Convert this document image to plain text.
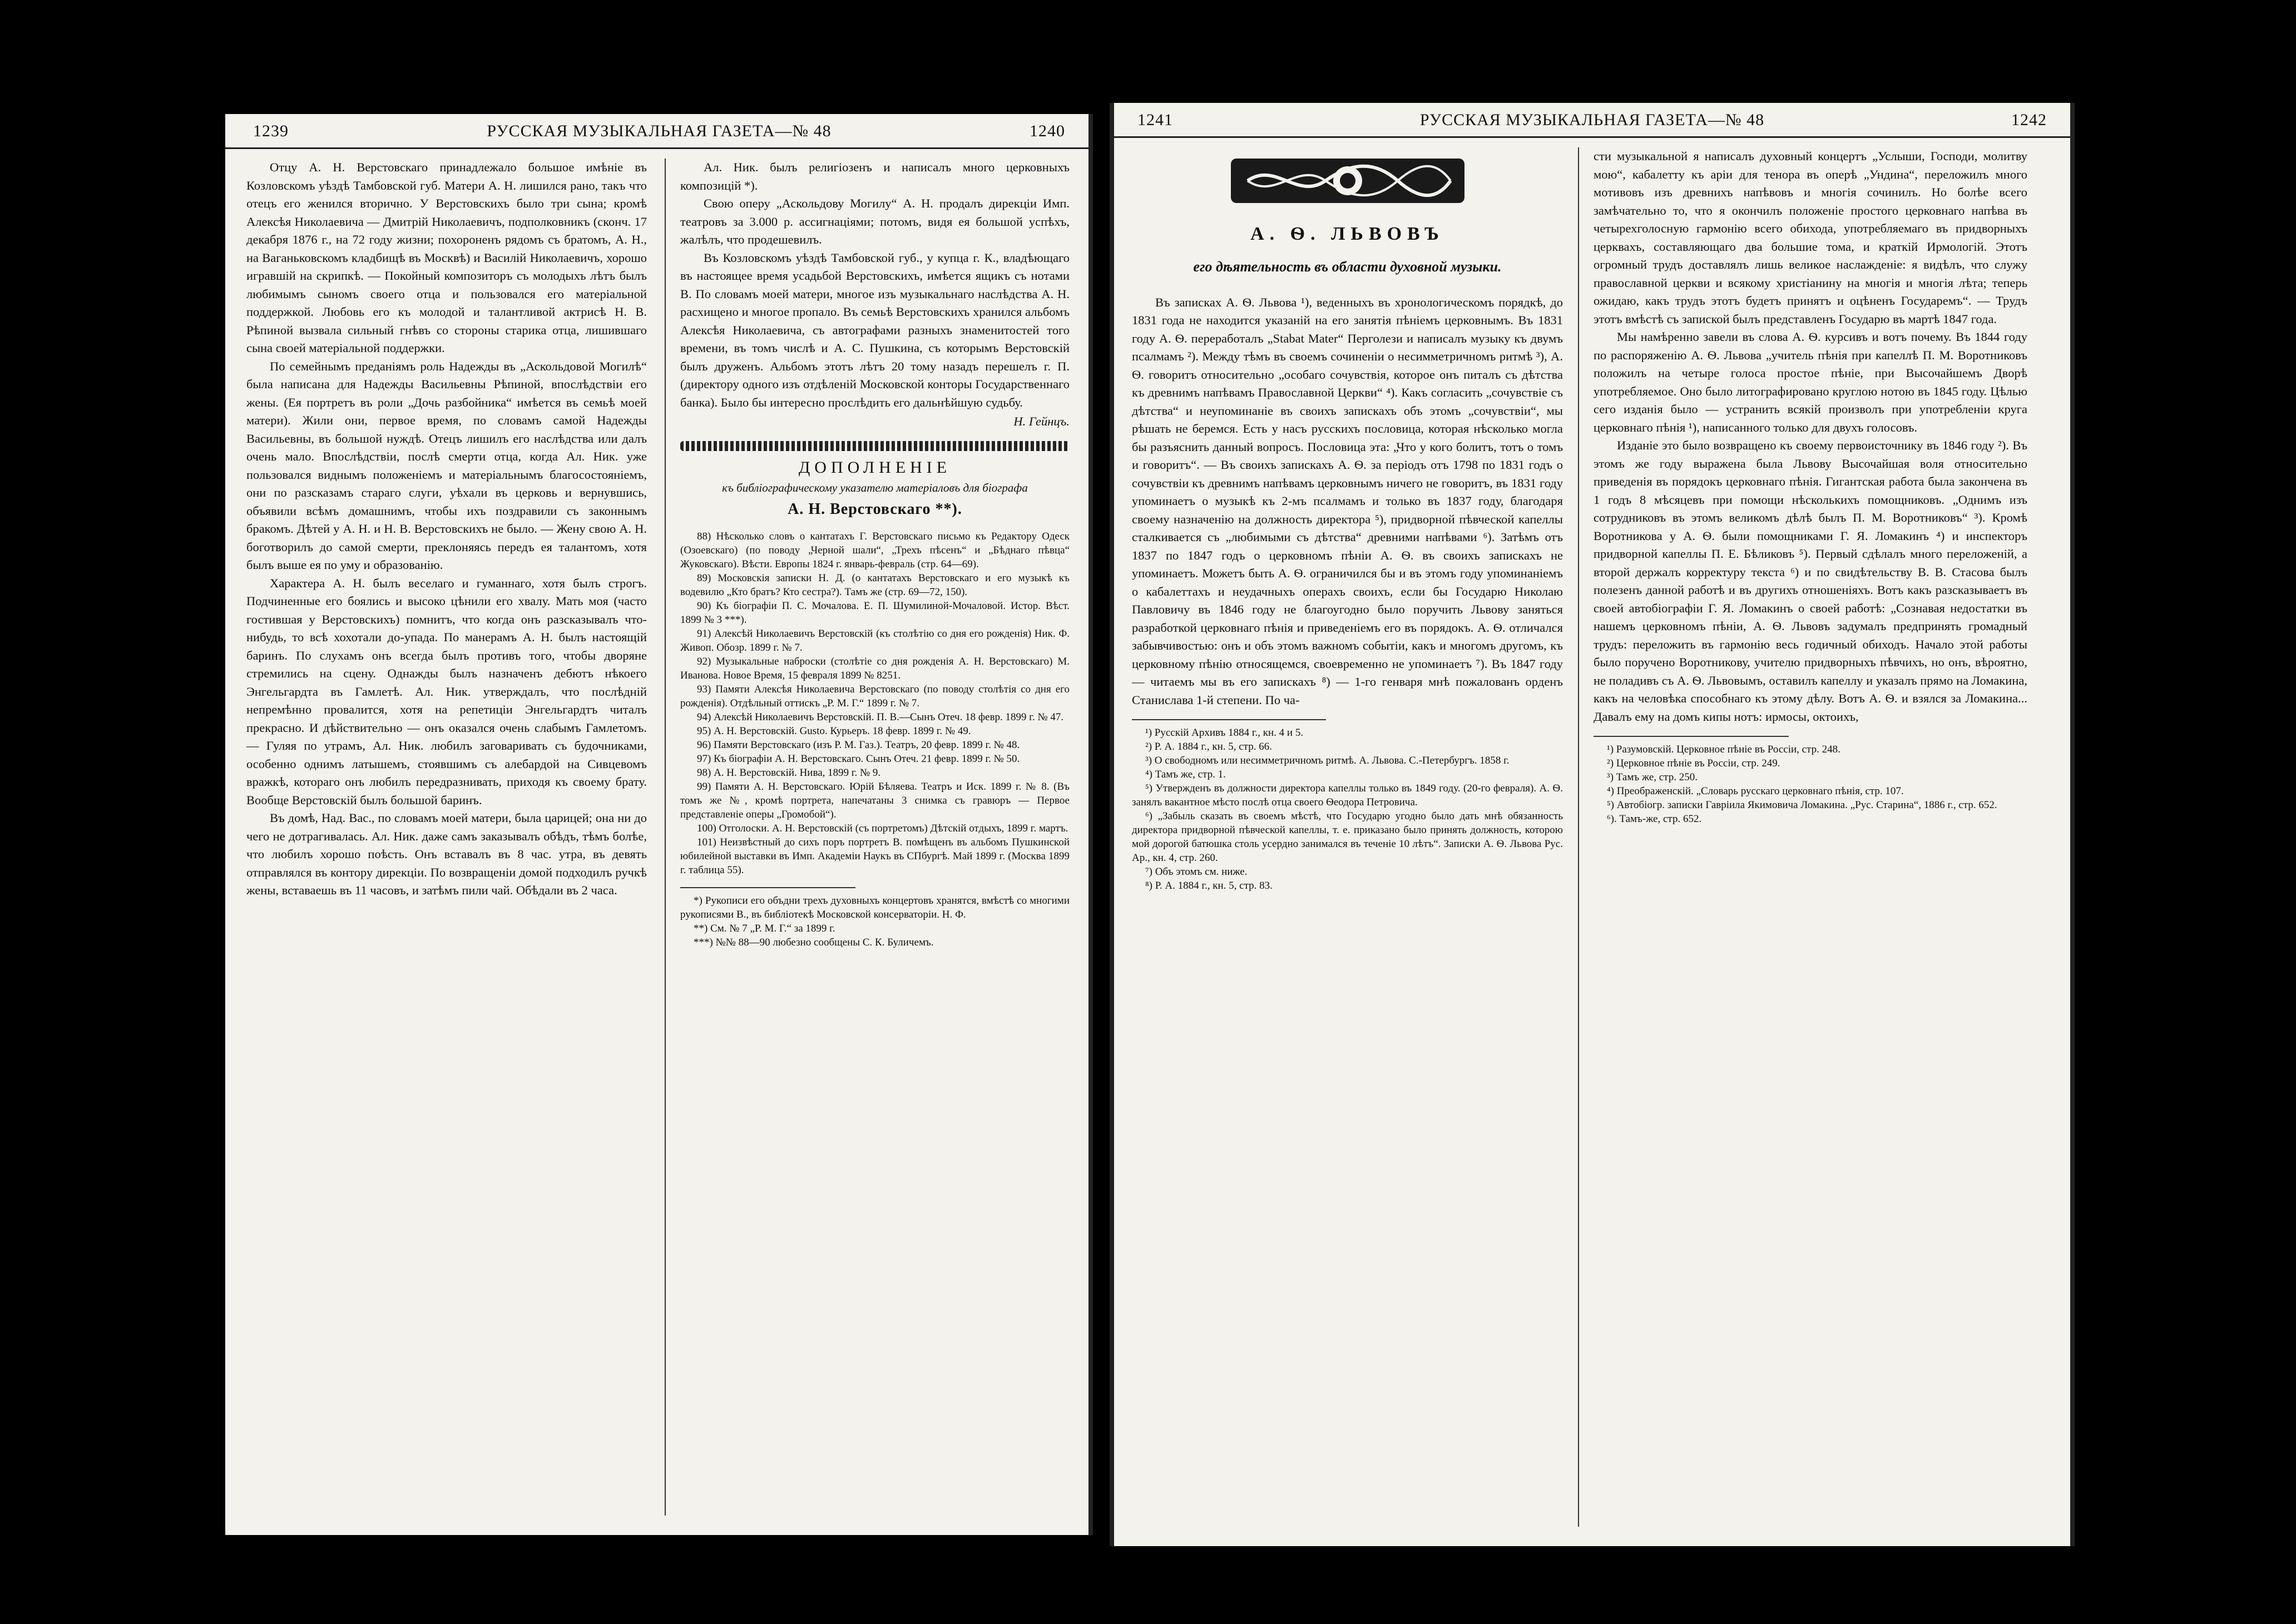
1239	РУССКАЯ МУЗЫКАЛЬНАЯ ГАЗЕТА—№ 48	1240

Отцу А. Н. Верстовскаго принадлежало большое имѣніе въ Козловскомъ уѣздѣ Тамбовской губ. Матери А. Н. лишился рано, такъ что отецъ его женился вторично. У Верстовскихъ было три сына; кромѣ Алексѣя Николаевича — Дмитрій Николаевичъ, подполковникъ (сконч. 17 декабря 1876 г., на 72 году жизни; похороненъ рядомъ съ братомъ, А. Н., на Ваганьковскомъ кладбищѣ въ Москвѣ) и Василій Николаевичъ, хорошо игравшій на скрипкѣ. — Покойный композиторъ съ молодыхъ лѣтъ былъ любимымъ сыномъ своего отца и пользовался его матеріальной поддержкой. Любовь его къ молодой и талантливой актрисѣ Н. В. Рѣпиной вызвала сильный гнѣвъ со стороны старика отца, лишившаго сына своей матеріальной поддержки.

По семейнымъ преданіямъ роль Надежды въ „Аскольдовой Могилѣ“ была написана для Надежды Васильевны Рѣпиной, впослѣдствіи его жены. (Ея портретъ въ роли „Дочь разбойника“ имѣется въ семьѣ моей матери). Жили они, первое время, по словамъ самой Надежды Васильевны, въ большой нуждѣ. Отецъ лишилъ его наслѣдства или далъ очень мало. Впослѣдствіи, послѣ смерти отца, когда Ал. Ник. уже пользовался виднымъ положеніемъ и матеріальнымъ благосостояніемъ, они по разсказамъ стараго слуги, уѣхали въ церковь и вернувшись, объявили всѣмъ домашнимъ, чтобы ихъ поздравили съ законнымъ бракомъ. Дѣтей у А. Н. и Н. В. Верстовскихъ не было. — Жену свою А. Н. боготворилъ до самой смерти, преклоняясь передъ ея талантомъ, хотя былъ выше ея по уму и образованію.

Характера А. Н. былъ веселаго и гуманнаго, хотя былъ строгъ. Подчиненные его боялись и высоко цѣнили его хвалу. Мать моя (часто гостившая у Верстовскихъ) помнитъ, что когда онъ разсказывалъ что-нибудь, то всѣ хохотали до-упада. По манерамъ А. Н. былъ настоящій баринъ. По слухамъ онъ всегда былъ противъ того, чтобы дворяне стремились на сцену. Однажды былъ назначенъ дебютъ нѣкоего Энгельгардта въ Гамлетѣ. Ал. Ник. утверждалъ, что послѣдній непремѣнно провалится, хотя на репетиціи Энгельгардтъ читалъ прекрасно. И дѣйствительно — онъ оказался очень слабымъ Гамлетомъ. — Гуляя по утрамъ, Ал. Ник. любилъ заговаривать съ будочниками, особенно однимъ латышемъ, стоявшимъ съ алебардой на Сивцевомъ вражкѣ, котораго онъ любилъ передразнивать, приходя къ своему брату. Вообще Верстовскій былъ большой баринъ.

Въ домѣ, Над. Вас., по словамъ моей матери, была царицей; она ни до чего не дотрагивалась. Ал. Ник. даже самъ заказывалъ обѣдъ, тѣмъ болѣе, что любилъ хорошо поѣсть. Онъ вставалъ въ 8 час. утра, въ девять отправлялся въ контору дирекціи. По возвращеніи домой подходилъ ручкѣ жены, вставаешь въ 11 часовъ, и затѣмъ пили чай. Обѣдали въ 2 часа.

Ал. Ник. былъ религіозенъ и написалъ много церковныхъ композицій *).

Свою оперу „Аскольдову Могилу“ А. Н. продалъ дирекціи Имп. театровъ за 3.000 р. ассигнаціями; потомъ, видя ея большой успѣхъ, жалѣлъ, что продешевилъ.

Въ Козловскомъ уѣздѣ Тамбовской губ., у купца г. К., владѣющаго въ настоящее время усадьбой Верстовскихъ, имѣется ящикъ съ нотами В. По словамъ моей матери, многое изъ музыкальнаго наслѣдства А. Н. расхищено и многое пропало. Въ семьѣ Верстовскихъ хранился альбомъ Алексѣя Николаевича, съ автографами разныхъ знаменитостей того времени, въ томъ числѣ и А. С. Пушкина, съ которымъ Верстовскій былъ друженъ. Альбомъ этотъ лѣтъ 20 тому назадъ перешелъ г. П. (директору одного изъ отдѣленій Московской конторы Государственнаго банка). Было бы интересно прослѣдить его дальнѣйшую судьбу.

Н. Гейнцъ.
ДОПОЛНЕНІЕ
къ библіографическому указателю матеріаловъ для біографа
А. Н. Верстовскаго **).

88) Нѣсколько словъ о кантатахъ Г. Верстовскаго письмо къ Редактору Одеск (Озоевскаго) (по поводу „Черной шали“, „Трехъ пѣсенъ“ и „Бѣднаго пѣвца“ Жуковскаго). Вѣсти. Европы 1824 г. январь-февраль (стр. 64—69).

89) Московскія записки Н. Д. (о кантатахъ Верстовскаго и его музыкѣ къ водевилю „Кто братъ? Кто сестра?). Тамъ же (стр. 69—72, 150).

90) Къ біографіи П. С. Мочалова. Е. П. Шумилиной-Мочаловой. Истор. Вѣст. 1899 № 3 ***).

91) Алексѣй Николаевичъ Верстовскій (къ столѣтію со дня его рожденія) Ник. Ф. Живоп. Обозр. 1899 г. № 7.

92) Музыкальные наброски (столѣтіе со дня рожденія А. Н. Верстовскаго) М. Иванова. Новое Время, 15 февраля 1899 № 8251.

93) Памяти Алексѣя Николаевича Верстовскаго (по поводу столѣтія со дня его рожденія). Отдѣльный оттискъ „Р. М. Г.“ 1899 г. № 7.

94) Алексѣй Николаевичъ Верстовскій. П. В.—Сынъ Отеч. 18 февр. 1899 г. № 47.

95) А. Н. Верстовскій. Gusto. Курьеръ. 18 февр. 1899 г. № 49.

96) Памяти Верстовскаго (изъ Р. М. Газ.). Театръ, 20 февр. 1899 г. № 48.

97) Къ біографіи А. Н. Верстовскаго. Сынъ Отеч. 21 февр. 1899 г. № 50.

98) А. Н. Верстовскій. Нива, 1899 г. № 9.

99) Памяти А. Н. Верстовскаго. Юрій Бѣляева. Театръ и Иск. 1899 г. № 8. (Въ томъ же №, кромѣ портрета, напечатаны 3 снимка съ гравюръ — Первое представленіе оперы „Громобой“).

100) Отголоски. А. Н. Верстовскій (съ портретомъ) Дѣтскій отдыхъ, 1899 г. мартъ.

101) Неизвѣстный до сихъ поръ портретъ В. помѣщенъ въ альбомъ Пушкинской юбилейной выставки въ Имп. Академіи Наукъ въ СПбургѣ. Май 1899 г. (Москва 1899 г. таблица 55).

*) Рукописи его объдни трехъ духовныхъ концертовъ хранятся, вмѣстѣ со многими рукописями В., въ библіотекѣ Московской консерваторіи. Н. Ф.

**) См. № 7 „Р. М. Г.“ за 1899 г.

***) №№ 88—90 любезно сообщены С. К. Буличемъ.

1241	РУССКАЯ МУЗЫКАЛЬНАЯ ГАЗЕТА—№ 48	1242
А. Ѳ. ЛЬВОВЪ
его дѣятельность въ области духовной музыки.

Въ записках А. Ѳ. Львова ¹), веденныхъ въ хронологическомъ порядкѣ, до 1831 года не находится указаній на его занятія пѣніемъ церковнымъ. Въ 1831 году А. Ѳ. переработалъ „Stabat Mater“ Перголези и написалъ музыку къ двумъ псалмамъ ²). Между тѣмъ въ своемъ сочиненіи о несимметричномъ ритмѣ ³), А. Ѳ. говоритъ относительно „особаго сочувствія, которое онъ питалъ съ дѣтства къ древнимъ напѣвамъ Православной Церкви“ ⁴). Какъ согласить „сочувствіе съ дѣтства“ и неупоминаніе въ своихъ запискахъ объ этомъ „сочувствіи“, мы рѣшать не беремся. Есть у насъ русскихъ пословица, которая нѣсколько могла бы разъяснить данный вопросъ. Пословица эта: „Что у кого болитъ, тотъ о томъ и говоритъ“. — Въ своихъ запискахъ А. Ѳ. за періодъ отъ 1798 по 1831 годъ о сочувствіи къ древнимъ напѣвамъ церковнымъ ничего не говоритъ, въ 1831 году упоминаетъ о музыкѣ къ 2-мъ псалмамъ и только въ 1837 году, благодаря своему назначенію на должность директора ⁵), придворной пѣвческой капеллы сталкивается съ „любимыми съ дѣтства“ древними напѣвами ⁶). Затѣмъ отъ 1837 по 1847 годъ о церковномъ пѣніи А. Ѳ. въ своихъ запискахъ не упоминаетъ. Можетъ быть А. Ѳ. ограничился бы и въ этомъ году упоминаніемъ о кабалеттахъ и неудачныхъ операхъ своихъ, если бы Государю Николаю Павловичу въ 1846 году не благоугодно было поручить Львову заняться разработкой церковнаго пѣнія и приведеніемъ его въ порядокъ. А. Ѳ. отличался забывчивостью: онъ и объ этомъ важномъ событіи, какъ и многомъ другомъ, къ церковному пѣнію относящемся, своевременно не упоминаетъ ⁷). Въ 1847 году — читаемъ мы въ его запискахъ ⁸) — 1-го генваря мнѣ пожалованъ орденъ Станислава 1-й степени. По ча-

¹) Русскій Архивъ 1884 г., кн. 4 и 5.

²) Р. А. 1884 г., кн. 5, стр. 66.

³) О свободномъ или несимметричномъ ритмѣ. А. Львова. С.-Петербургъ. 1858 г.

⁴) Тамъ же, стр. 1.

⁵) Утвержденъ въ должности директора капеллы только въ 1849 году. (20-го февраля). А. Ѳ. занялъ вакантное мѣсто послѣ отца своего Ѳеодора Петровича.

⁶) „Забыль сказать въ своемъ мѣстѣ, что Государю угодно было дать мнѣ обязанность директора придворной пѣвческой капеллы, т. е. приказано было принять должность, которою мой дорогой батюшка столь усердно занимался въ теченіе 10 лѣтъ“. Записки А. Ѳ. Львова Рус. Ар., кн. 4, стр. 260.

⁷) Объ этомъ см. ниже.

⁸) Р. А. 1884 г., кн. 5, стр. 83.

сти музыкальной я написалъ духовный концертъ „Услыши, Господи, молитву мою“, кабалетту къ аріи для тенора въ оперѣ „Ундина“, переложилъ много мотивовъ изъ древнихъ напѣвовъ и многія сочинилъ. Но болѣе всего замѣчательно то, что я окончилъ положеніе простого церковнаго напѣва въ четырехголосную гармонію всего обихода, употребляемаго въ придворныхъ церквахъ, составляющаго два большие тома, и краткій Ирмологій. Этотъ огромный трудъ доставлялъ лишь великое наслажденіе: я видѣлъ, что служу православной церкви и всякому христіанину на многія и многія лѣта; теперь ожидаю, какъ трудъ этотъ будетъ принятъ и оцѣненъ Государемъ“. — Трудъ этотъ вмѣстѣ съ запиской былъ представленъ Государю въ мартѣ 1847 года.

Мы намѣренно завели въ слова А. Ѳ. курсивъ и вотъ почему. Въ 1844 году по распоряженію А. Ѳ. Львова „учитель пѣнія при капеллѣ П. М. Воротниковъ положилъ на четыре голоса простое пѣніе, при Высочайшемъ Дворѣ употребляемое. Оно было литографировано круглою нотою въ 1845 году. Цѣлью сего изданія было — устранить всякій произволъ при употребленіи круга церковнаго пѣнія ¹), написанного только для двухъ голосовъ.

Изданіе это было возвращено къ своему первоисточнику въ 1846 году ²). Въ этомъ же году выражена была Львову Высочайшая воля относительно приведенія въ порядокъ церковнаго пѣнія. Гигантская работа была закончена въ 1 годъ 8 мѣсяцевъ при помощи нѣсколькихъ помощниковъ. „Однимъ изъ сотрудниковъ въ этомъ великомъ дѣлѣ былъ П. М. Воротниковъ“ ³). Кромѣ Воротникова у А. Ѳ. были помощниками Г. Я. Ломакинъ ⁴) и инспекторъ придворной капеллы П. Е. Бѣликовъ ⁵). Первый сдѣлалъ много переложеній, а второй держалъ корректуру текста ⁶) и по свидѣтельству В. В. Стасова былъ полезенъ данной работѣ и въ другихъ отношеніяхъ. Вотъ какъ разсказываетъ въ своей автобіографіи Г. Я. Ломакинъ о своей работѣ: „Сознавая недостатки въ нашемъ церковномъ пѣніи, А. Ѳ. Львовъ задумалъ предпринять громадный трудъ: переложить въ гармонію весь годичный обиходъ. Начало этой работы было поручено Воротникову, учителю придворныхъ пѣвчихъ, но онъ, вѣроятно, не поладивъ съ А. Ѳ. Львовымъ, оставилъ капеллу и указалъ прямо на Ломакина, какъ на человѣка способнаго къ этому дѣлу. Вотъ А. Ѳ. и взялся за Ломакина... Давалъ ему на домъ кипы нотъ: ирмосы, октоихъ,

¹) Разумовскій. Церковное пѣніе въ Россіи, стр. 248.

²) Церковное пѣніе въ Россіи, стр. 249.

³) Тамъ же, стр. 250.

⁴) Преображенскій. „Словарь русскаго церковнаго пѣнія, стр. 107.

⁵) Автобіогр. записки Гавріила Якимовича Ломакина. „Рус. Старина“, 1886 г., стр. 652.

⁶). Тамъ-же, стр. 652.
